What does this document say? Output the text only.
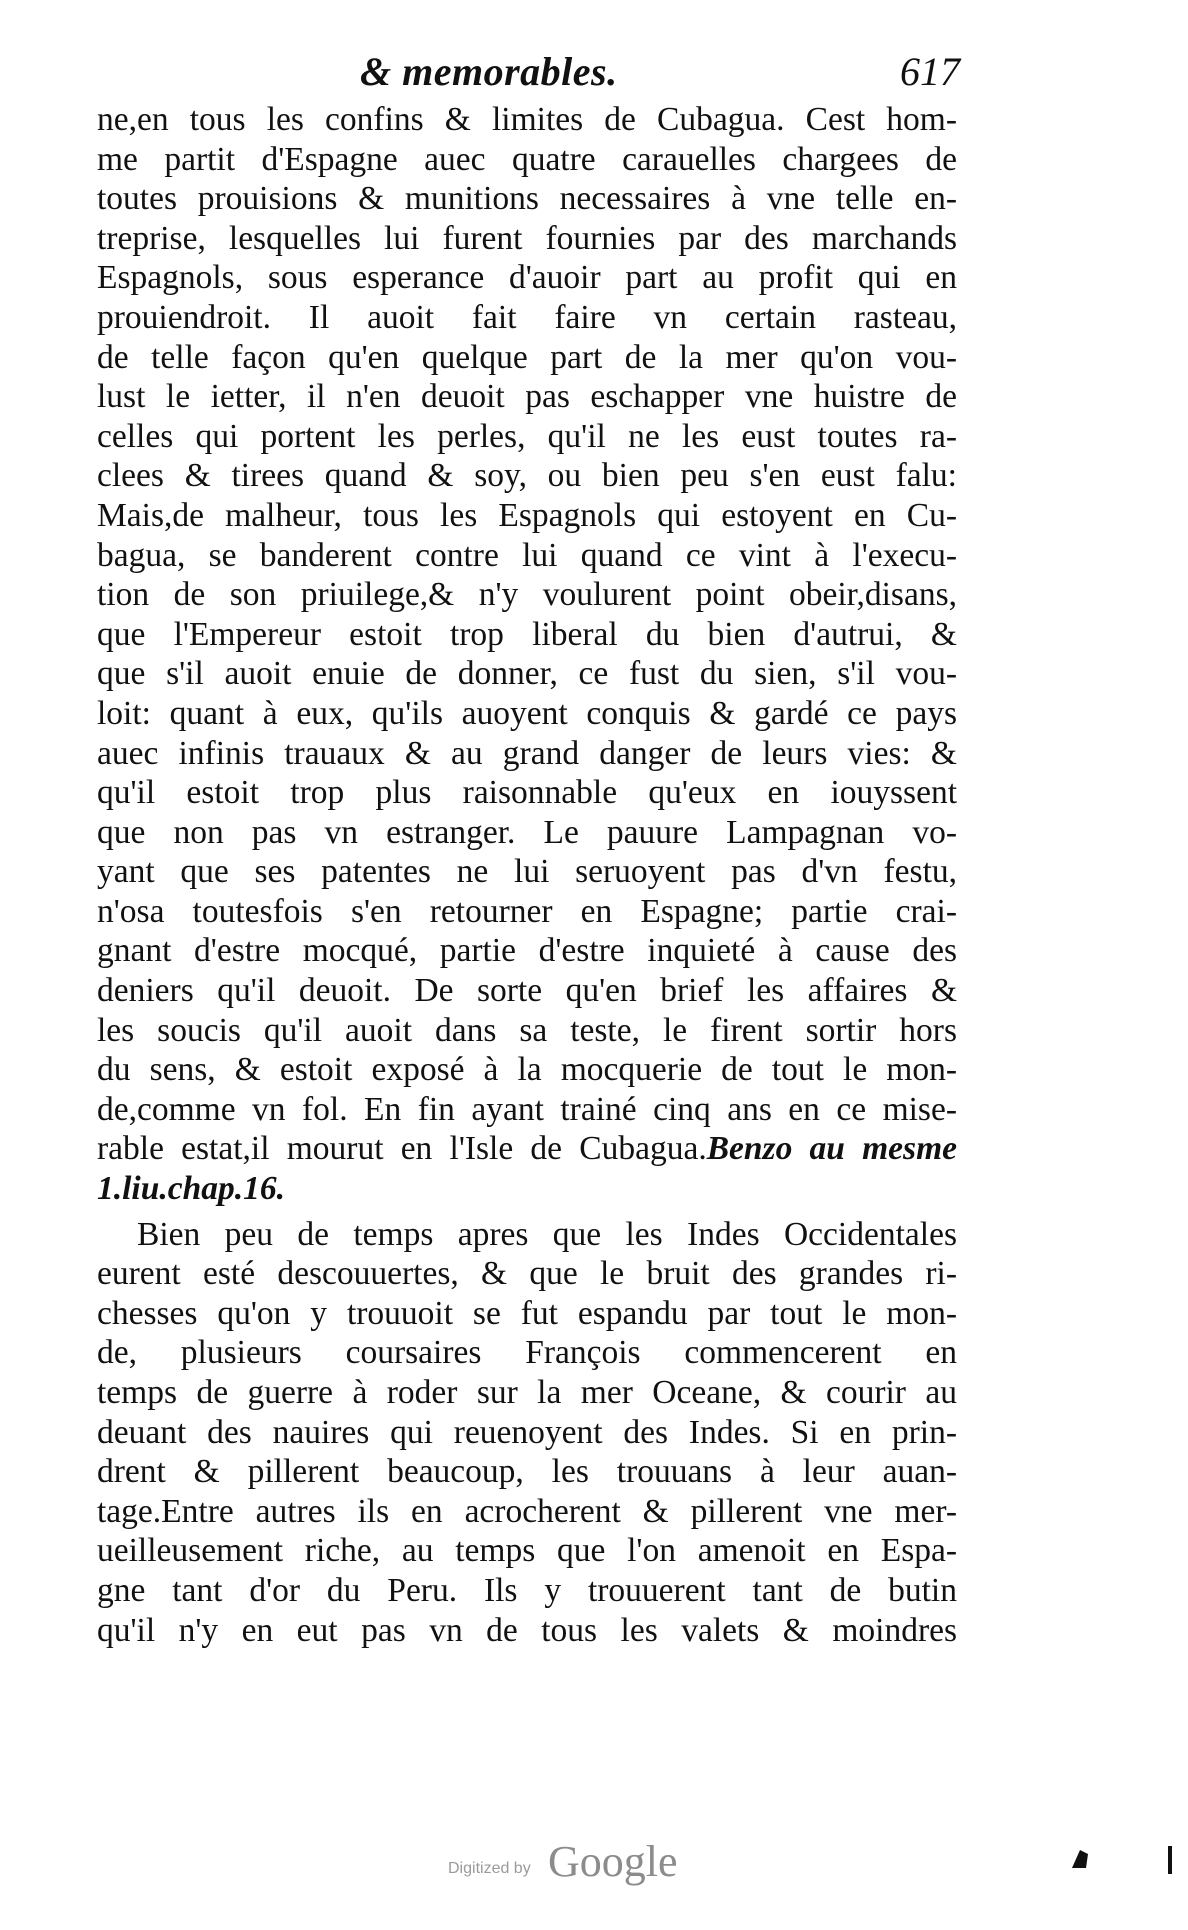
& memorables.	617
ne,en tous les confins & limites de Cubagua. Cest hom-
me partit d'Espagne auec quatre carauelles chargees de
toutes prouisions & munitions necessaires à vne telle en-
treprise, lesquelles lui furent fournies par des marchands
Espagnols, sous esperance d'auoir part au profit qui en
prouiendroit. Il auoit fait faire vn certain rasteau,
de telle façon qu'en quelque part de la mer qu'on vou-
lust le ietter, il n'en deuoit pas eschapper vne huistre de
celles qui portent les perles, qu'il ne les eust toutes ra-
clees & tirees quand & soy, ou bien peu s'en eust falu:
Mais,de malheur, tous les Espagnols qui estoyent en Cu-
bagua, se banderent contre lui quand ce vint à l'execu-
tion de son priuilege,& n'y voulurent point obeir,disans,
que l'Empereur estoit trop liberal du bien d'autrui, &
que s'il auoit enuie de donner, ce fust du sien, s'il vou-
loit: quant à eux, qu'ils auoyent conquis & gardé ce pays
auec infinis trauaux & au grand danger de leurs vies: &
qu'il estoit trop plus raisonnable qu'eux en iouyssent
que non pas vn estranger. Le pauure Lampagnan vo-
yant que ses patentes ne lui seruoyent pas d'vn festu,
n'osa toutesfois s'en retourner en Espagne; partie crai-
gnant d'estre mocqué, partie d'estre inquieté à cause des
deniers qu'il deuoit. De sorte qu'en brief les affaires &
les soucis qu'il auoit dans sa teste, le firent sortir hors
du sens, & estoit exposé à la mocquerie de tout le mon-
de,comme vn fol. En fin ayant trainé cinq ans en ce mise-
rable estat,il mourut en l'Isle de Cubagua.Benzo au mesme
1.liu.chap.16.
Bien peu de temps apres que les Indes Occidentales
eurent esté descouuertes, & que le bruit des grandes ri-
chesses qu'on y trouuoit se fut espandu par tout le mon-
de, plusieurs coursaires François commencerent en
temps de guerre à roder sur la mer Oceane, & courir au
deuant des nauires qui reuenoyent des Indes. Si en prin-
drent & pillerent beaucoup, les trouuans à leur auan-
tage.Entre autres ils en acrocherent & pillerent vne mer-
ueilleusement riche, au temps que l'on amenoit en Espa-
gne tant d'or du Peru. Ils y trouuerent tant de butin
qu'il n'y en eut pas vn de tous les valets & moindres
Digitized by Google
